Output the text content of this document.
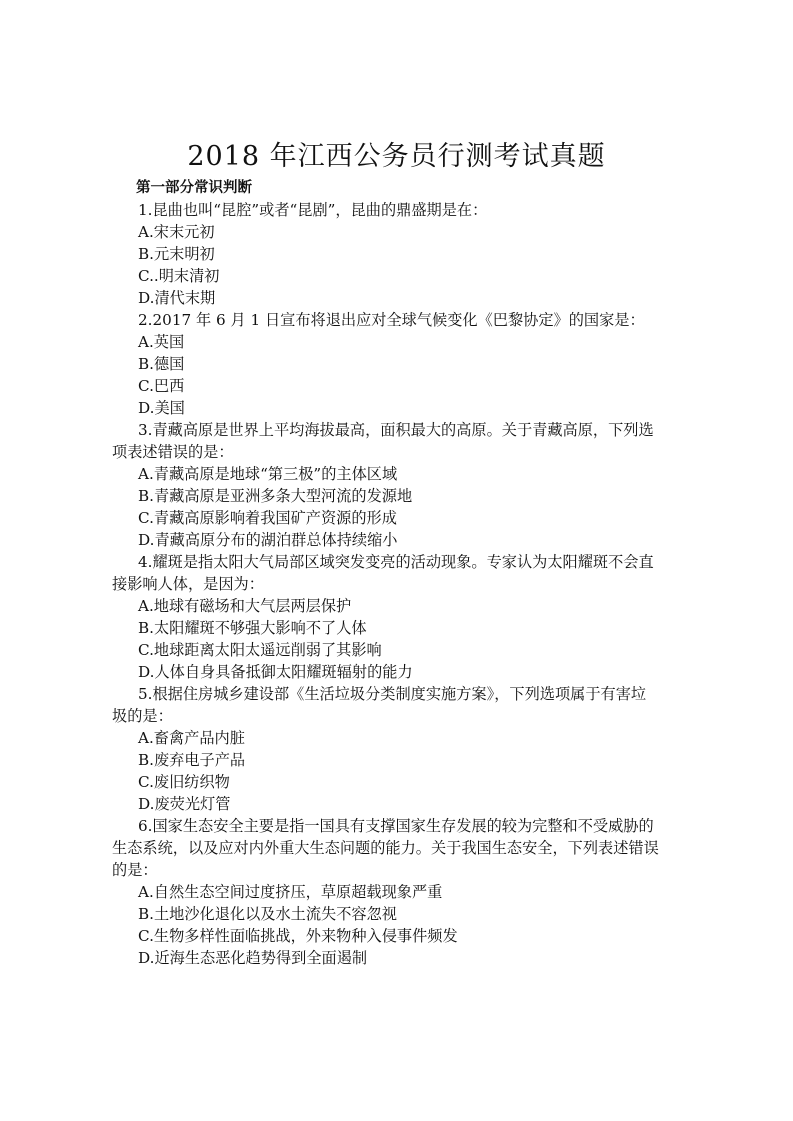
2018 年江西公务员行测考试真题

第一部分常识判断

1.昆曲也叫“昆腔”或者“昆剧”，昆曲的鼎盛期是在：
A.宋末元初
B.元末明初
C..明末清初
D.清代末期
2.2017 年 6 月 1 日宣布将退出应对全球气候变化《巴黎协定》的国家是：
A.英国
B.德国
C.巴西
D.美国
3.青藏高原是世界上平均海拔最高，面积最大的高原。关于青藏高原，下列选
项表述错误的是：
A.青藏高原是地球“第三极”的主体区域
B.青藏高原是亚洲多条大型河流的发源地
C.青藏高原影响着我国矿产资源的形成
D.青藏高原分布的湖泊群总体持续缩小
4.耀斑是指太阳大气局部区域突发变亮的活动现象。专家认为太阳耀斑不会直
接影响人体，是因为：
A.地球有磁场和大气层两层保护
B.太阳耀斑不够强大影响不了人体
C.地球距离太阳太遥远削弱了其影响
D.人体自身具备抵御太阳耀斑辐射的能力
5.根据住房城乡建设部《生活垃圾分类制度实施方案》，下列选项属于有害垃
圾的是：
A.畜禽产品内脏
B.废弃电子产品
C.废旧纺织物
D.废荧光灯管
6.国家生态安全主要是指一国具有支撑国家生存发展的较为完整和不受威胁的
生态系统，以及应对内外重大生态问题的能力。关于我国生态安全，下列表述错误
的是：
A.自然生态空间过度挤压，草原超载现象严重
B.土地沙化退化以及水土流失不容忽视
C.生物多样性面临挑战，外来物种入侵事件频发
D.近海生态恶化趋势得到全面遏制
